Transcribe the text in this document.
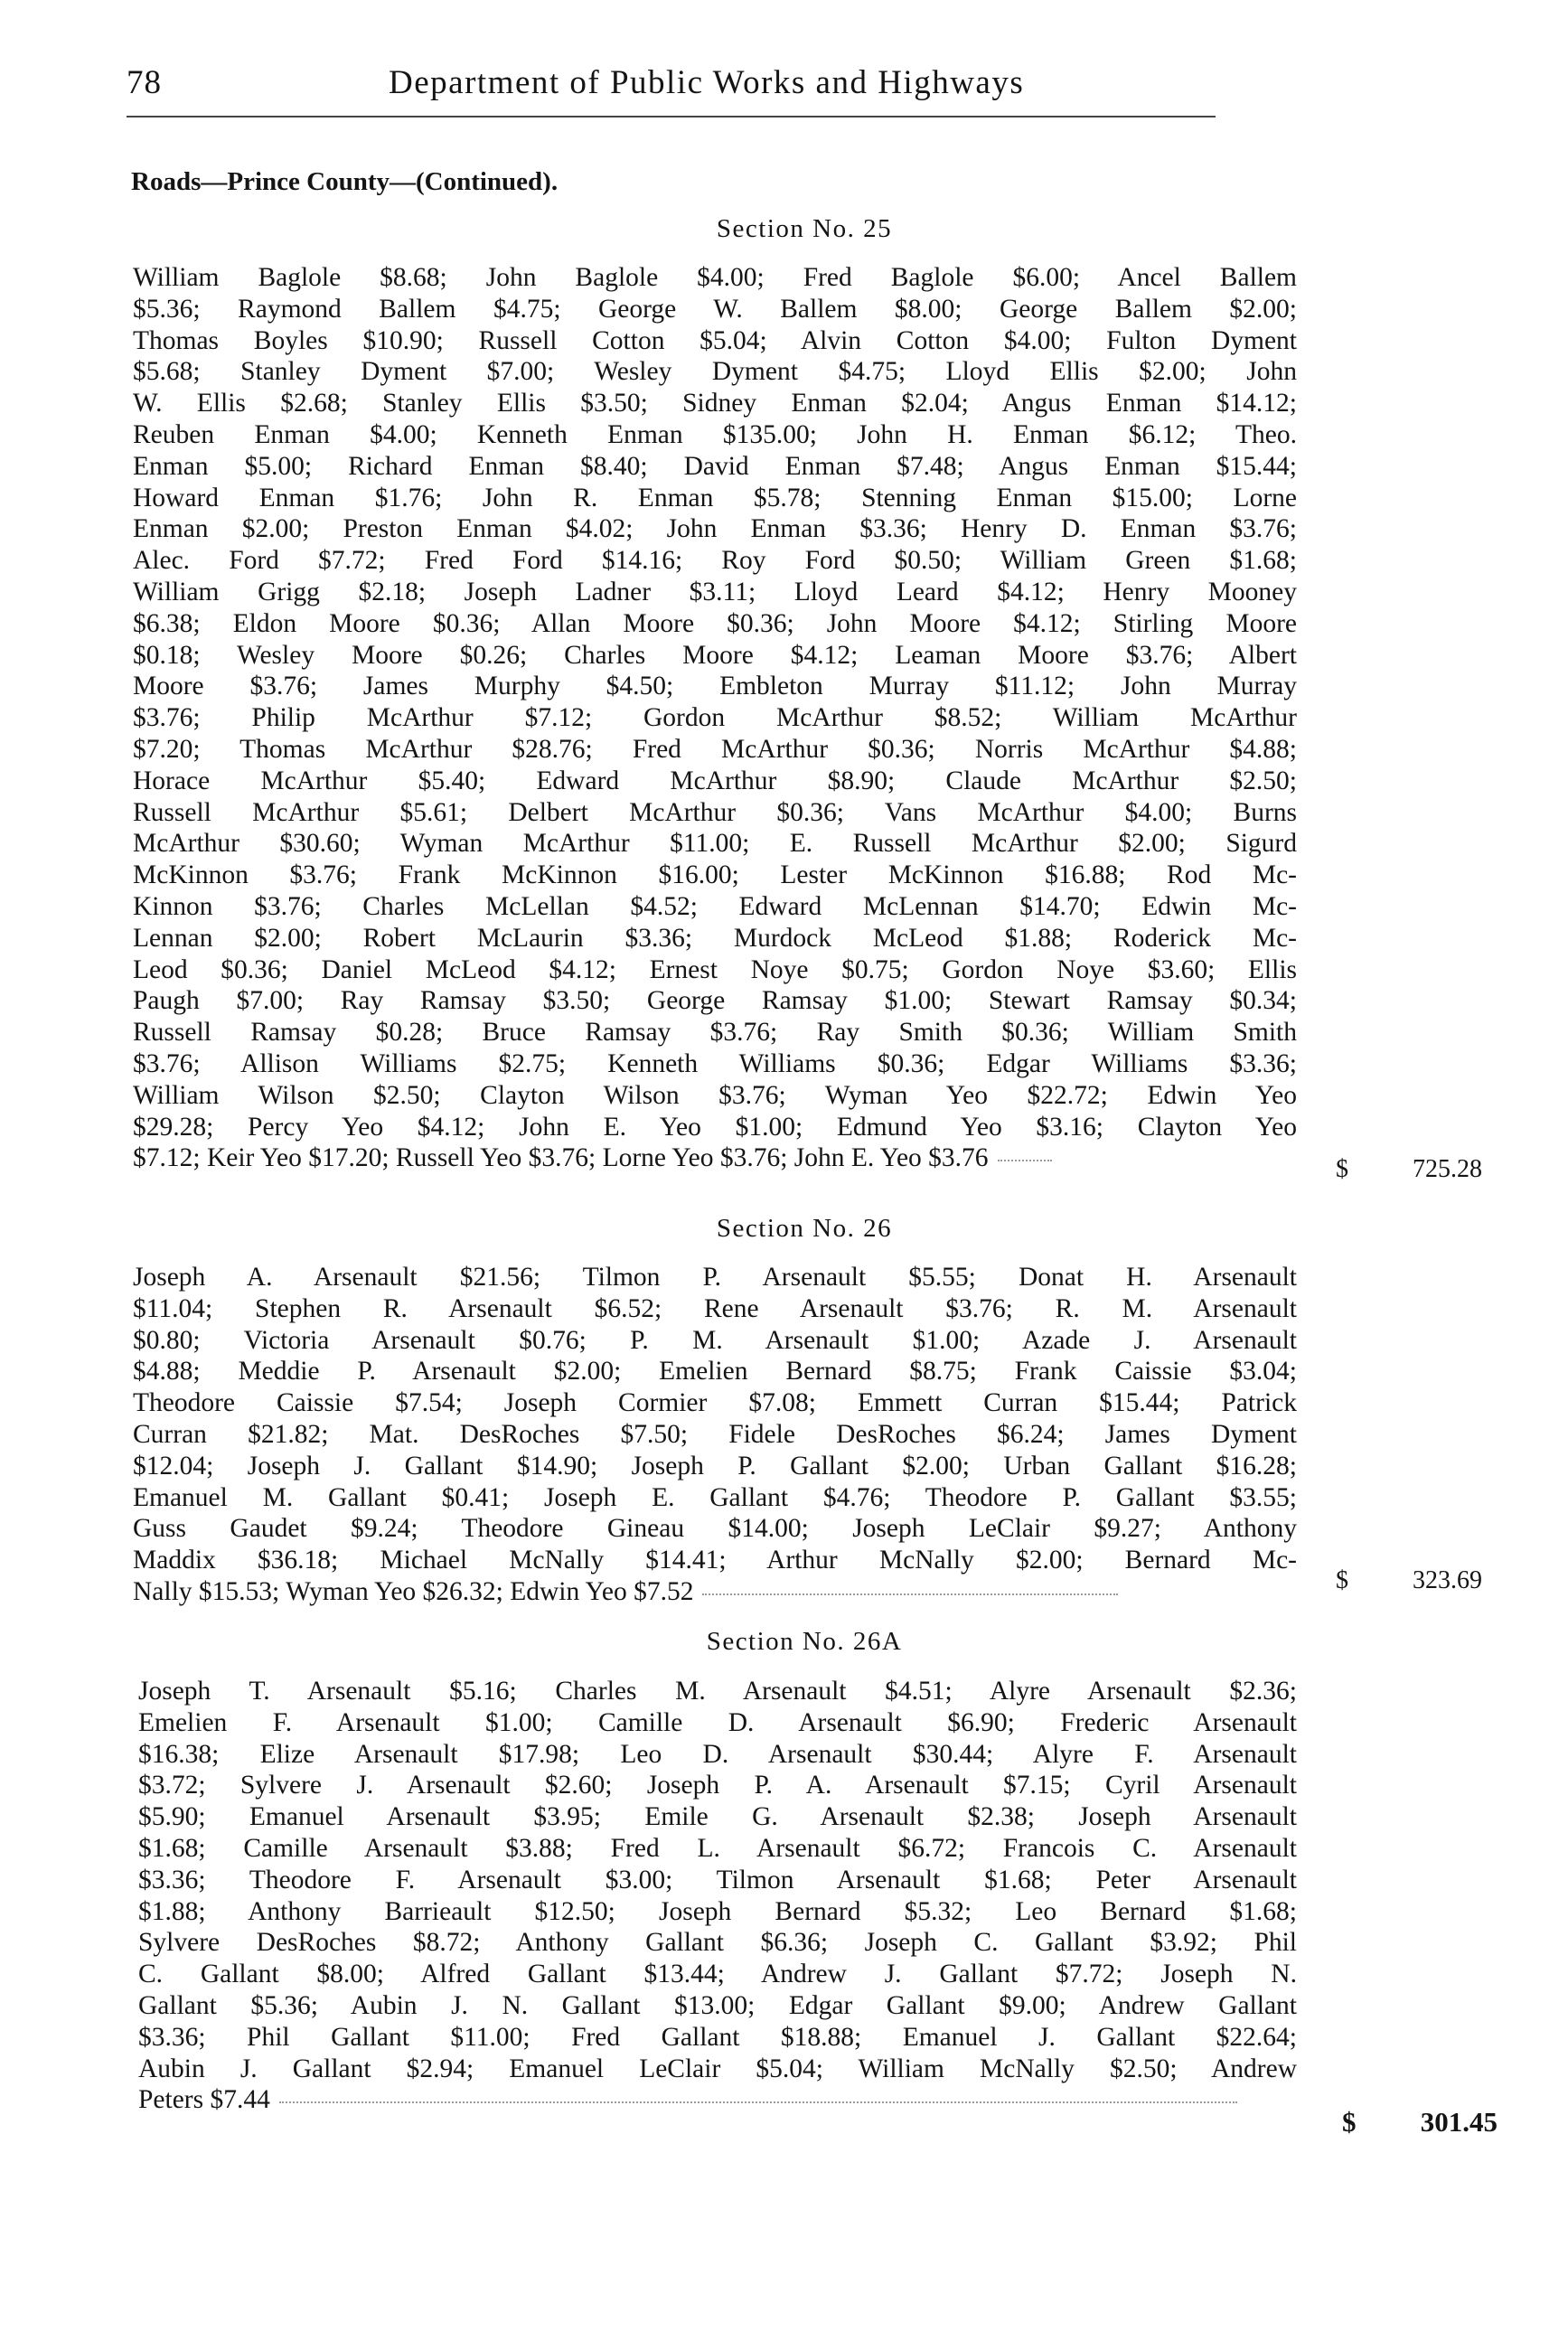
78	Department of Public Works and Highways
Roads—Prince County—(Continued).
Section No. 25
William Baglole $8.68; John Baglole $4.00; Fred Baglole $6.00; Ancel Ballem
$5.36; Raymond Ballem $4.75; George W. Ballem $8.00; George Ballem $2.00;
Thomas Boyles $10.90; Russell Cotton $5.04; Alvin Cotton $4.00; Fulton Dyment
$5.68; Stanley Dyment $7.00; Wesley Dyment $4.75; Lloyd Ellis $2.00; John
W. Ellis $2.68; Stanley Ellis $3.50; Sidney Enman $2.04; Angus Enman $14.12;
Reuben Enman $4.00; Kenneth Enman $135.00; John H. Enman $6.12; Theo.
Enman $5.00; Richard Enman $8.40; David Enman $7.48; Angus Enman $15.44;
Howard Enman $1.76; John R. Enman $5.78; Stenning Enman $15.00; Lorne
Enman $2.00; Preston Enman $4.02; John Enman $3.36; Henry D. Enman $3.76;
Alec. Ford $7.72; Fred Ford $14.16; Roy Ford $0.50; William Green $1.68;
William Grigg $2.18; Joseph Ladner $3.11; Lloyd Leard $4.12; Henry Mooney
$6.38; Eldon Moore $0.36; Allan Moore $0.36; John Moore $4.12; Stirling Moore
$0.18; Wesley Moore $0.26; Charles Moore $4.12; Leaman Moore $3.76; Albert
Moore $3.76; James Murphy $4.50; Embleton Murray $11.12; John Murray
$3.76; Philip McArthur $7.12; Gordon McArthur $8.52; William McArthur
$7.20; Thomas McArthur $28.76; Fred McArthur $0.36; Norris McArthur $4.88;
Horace McArthur $5.40; Edward McArthur $8.90; Claude McArthur $2.50;
Russell McArthur $5.61; Delbert McArthur $0.36; Vans McArthur $4.00; Burns
McArthur $30.60; Wyman McArthur $11.00; E. Russell McArthur $2.00; Sigurd
McKinnon $3.76; Frank McKinnon $16.00; Lester McKinnon $16.88; Rod Mc-
Kinnon $3.76; Charles McLellan $4.52; Edward McLennan $14.70; Edwin Mc-
Lennan $2.00; Robert McLaurin $3.36; Murdock McLeod $1.88; Roderick Mc-
Leod $0.36; Daniel McLeod $4.12; Ernest Noye $0.75; Gordon Noye $3.60; Ellis
Paugh $7.00; Ray Ramsay $3.50; George Ramsay $1.00; Stewart Ramsay $0.34;
Russell Ramsay $0.28; Bruce Ramsay $3.76; Ray Smith $0.36; William Smith
$3.76; Allison Williams $2.75; Kenneth Williams $0.36; Edgar Williams $3.36;
William Wilson $2.50; Clayton Wilson $3.76; Wyman Yeo $22.72; Edwin Yeo
$29.28; Percy Yeo $4.12; John E. Yeo $1.00; Edmund Yeo $3.16; Clayton Yeo
$7.12; Keir Yeo $17.20; Russell Yeo $3.76; Lorne Yeo $3.76; John E. Yeo $3.76	$	725.28
Section No. 26
Joseph A. Arsenault $21.56; Tilmon P. Arsenault $5.55; Donat H. Arsenault
$11.04; Stephen R. Arsenault $6.52; Rene Arsenault $3.76; R. M. Arsenault
$0.80; Victoria Arsenault $0.76; P. M. Arsenault $1.00; Azade J. Arsenault
$4.88; Meddie P. Arsenault $2.00; Emelien Bernard $8.75; Frank Caissie $3.04;
Theodore Caissie $7.54; Joseph Cormier $7.08; Emmett Curran $15.44; Patrick
Curran $21.82; Mat. DesRoches $7.50; Fidele DesRoches $6.24; James Dyment
$12.04; Joseph J. Gallant $14.90; Joseph P. Gallant $2.00; Urban Gallant $16.28;
Emanuel M. Gallant $0.41; Joseph E. Gallant $4.76; Theodore P. Gallant $3.55;
Guss Gaudet $9.24; Theodore Gineau $14.00; Joseph LeClair $9.27; Anthony
Maddix $36.18; Michael McNally $14.41; Arthur McNally $2.00; Bernard Mc-
Nally $15.53; Wyman Yeo $26.32; Edwin Yeo $7.52	$	323.69
Section No. 26A
Joseph T. Arsenault $5.16; Charles M. Arsenault $4.51; Alyre Arsenault $2.36;
Emelien F. Arsenault $1.00; Camille D. Arsenault $6.90; Frederic Arsenault
$16.38; Elize Arsenault $17.98; Leo D. Arsenault $30.44; Alyre F. Arsenault
$3.72; Sylvere J. Arsenault $2.60; Joseph P. A. Arsenault $7.15; Cyril Arsenault
$5.90; Emanuel Arsenault $3.95; Emile G. Arsenault $2.38; Joseph Arsenault
$1.68; Camille Arsenault $3.88; Fred L. Arsenault $6.72; Francois C. Arsenault
$3.36; Theodore F. Arsenault $3.00; Tilmon Arsenault $1.68; Peter Arsenault
$1.88; Anthony Barrieault $12.50; Joseph Bernard $5.32; Leo Bernard $1.68;
Sylvere DesRoches $8.72; Anthony Gallant $6.36; Joseph C. Gallant $3.92; Phil
C. Gallant $8.00; Alfred Gallant $13.44; Andrew J. Gallant $7.72; Joseph N.
Gallant $5.36; Aubin J. N. Gallant $13.00; Edgar Gallant $9.00; Andrew Gallant
$3.36; Phil Gallant $11.00; Fred Gallant $18.88; Emanuel J. Gallant $22.64;
Aubin J. Gallant $2.94; Emanuel LeClair $5.04; William McNally $2.50; Andrew
Peters $7.44
$ 301.45
